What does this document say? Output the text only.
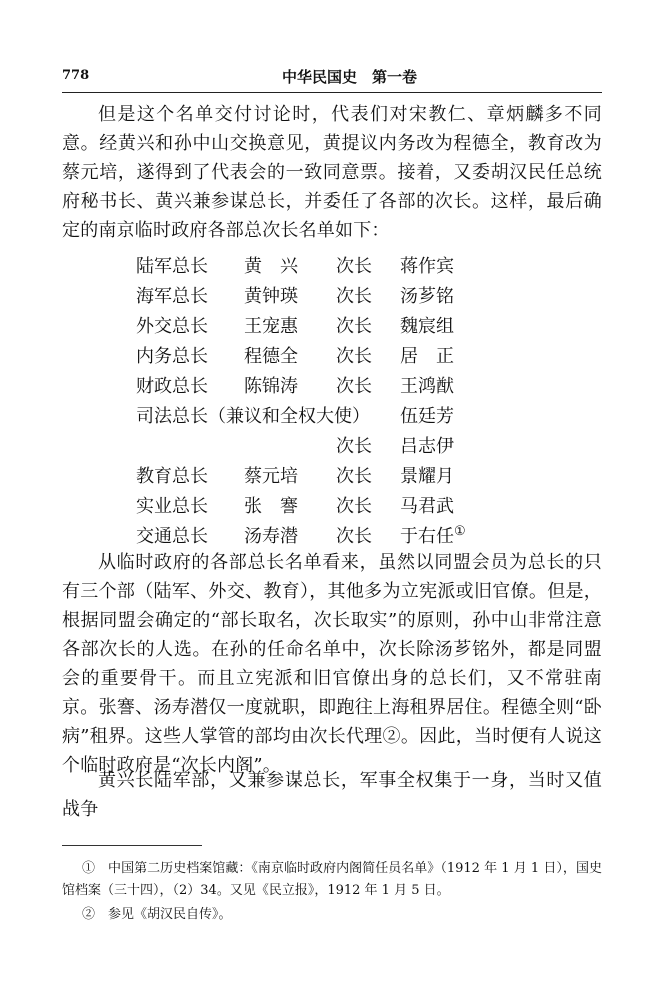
778	中华民国史　第一卷

但是这个名单交付讨论时，代表们对宋教仁、章炳麟多不同意。经黄兴和孙中山交换意见，黄提议内务改为程德全，教育改为蔡元培，遂得到了代表会的一致同意票。接着，又委胡汉民任总统府秘书长、黄兴兼参谋总长，并委任了各部的次长。这样，最后确定的南京临时政府各部总次长名单如下：

陆军总长 黄　兴 次长 蒋作宾
海军总长 黄钟瑛 次长 汤芗铭
外交总长 王宠惠 次长 魏宸组
内务总长 程德全 次长 居　正
财政总长 陈锦涛 次长 王鸿猷
司法总长（兼议和全权大使） 伍廷芳
次长 吕志伊
教育总长 蔡元培 次长 景耀月
实业总长 张　謇 次长 马君武
交通总长 汤寿潜 次长 于右任①

从临时政府的各部总长名单看来，虽然以同盟会员为总长的只有三个部（陆军、外交、教育），其他多为立宪派或旧官僚。但是，根据同盟会确定的“部长取名，次长取实”的原则，孙中山非常注意各部次长的人选。在孙的任命名单中，次长除汤芗铭外，都是同盟会的重要骨干。而且立宪派和旧官僚出身的总长们，又不常驻南京。张謇、汤寿潜仅一度就职，即跑往上海租界居住。程德全则“卧病”租界。这些人掌管的部均由次长代理②。因此，当时便有人说这个临时政府是“次长内阁”。

黄兴长陆军部，又兼参谋总长，军事全权集于一身，当时又值战争

①　中国第二历史档案馆藏：《南京临时政府内阁简任员名单》（1912 年 1 月 1 日），国史馆档案（三十四），（2）34。又见《民立报》，1912 年 1 月 5 日。

②　参见《胡汉民自传》。
